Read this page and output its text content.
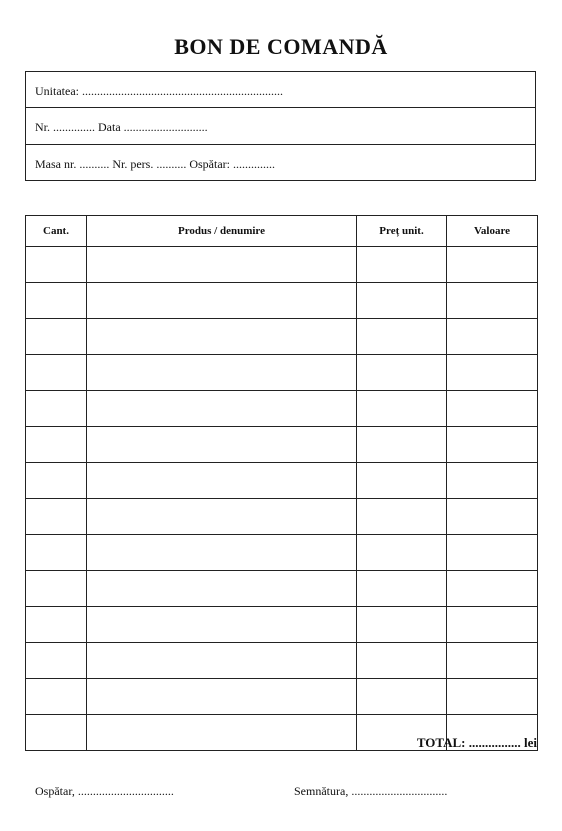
BON DE COMANDĂ
Unitatea: ...................................................................
Nr. .............. Data ............................
Masa nr. .......... Nr. pers. .......... Ospătar: ..............
Cant.	Produs / denumire	Preț unit.	Valoare

TOTAL: ................ lei
Ospătar, ................................	Semnătura, ................................
